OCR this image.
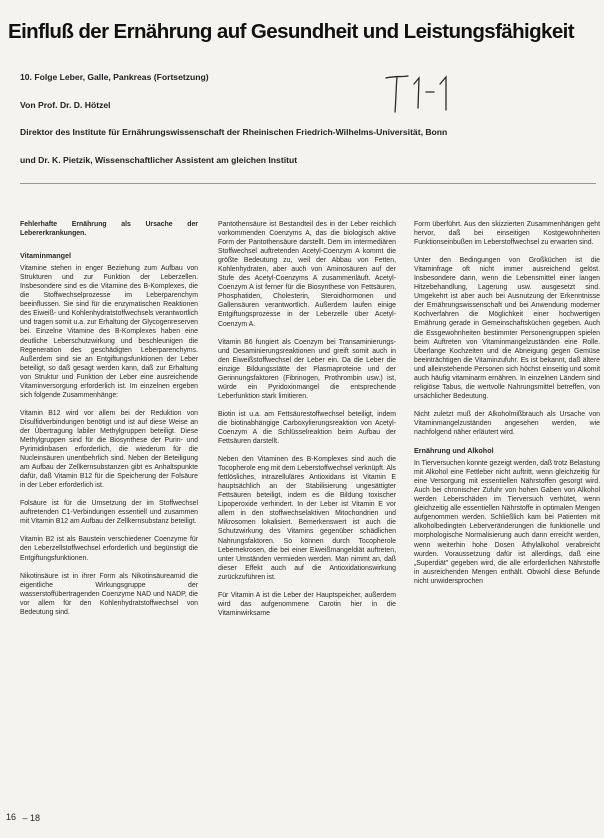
Einfluß der Ernährung auf Gesundheit und Leistungsfähigkeit
10. Folge Leber, Galle, Pankreas (Fortsetzung)
Von Prof. Dr. D. Hötzel
Direktor des Institute für Ernährungswissenschaft der Rheinischen Friedrich-Wilhelms-Universität, Bonn
und Dr. K. Pietzik, Wissenschaftlicher Assistent am gleichen Institut

Fehlerhafte Ernährung als Ursache der Lebererkrankungen.

Vitaminmangel

Vitamine stehen in enger Beziehung zum Aufbau von Strukturen und zur Funktion der Leberzellen. Insbesondere sind es die Vitamine des B-Komplexes, die die Stoffwechselprozesse im Leberparenchym beeinflussen. Sie sind für die enzymatischen Reaktionen des Eiweiß- und Kohlenhydratstoffwechsels verantwortlich und tragen somit u.a. zur Erhaltung der Glycogenreserven bei. Einzelne Vitamine des B-Komplexes haben eine deutliche Leberschutzwirkung und beschleunigen die Regeneration des geschädigten Leberparenchyms. Außerdem sind sie an Entgiftungsfunktionen der Leber beteiligt, so daß gesagt werden kann, daß zur Erhaltung von Struktur und Funktion der Leber eine ausreichende Vitaminversorgung erforderlich ist. Im einzelnen ergeben sich folgende Zusammenhänge:

Vitamin B12 wird vor allem bei der Reduktion von Disulfidverbindungen benötigt und ist auf diese Weise an der Übertragung labiler Methylgruppen beteiligt. Diese Methylgruppen sind für die Biosynthese der Purin- und Pyrimidinbasen erforderlich, die wiederum für die Nucleinsäuren unentbehrlich sind. Neben der Beteiligung am Aufbau der Zellkernsubstanzen gibt es Anhaltspunkte dafür, daß Vitamin B12 für die Speicherung der Folsäure in der Leber erforderlich ist.

Folsäure ist für die Umsetzung der im Stoffwechsel auftretenden C1-Verbindungen essentiell und zusammen mit Vitamin B12 am Aufbau der Zellkernsubstanz beteiligt.

Vitamin B2 ist als Baustein verschiedener Coenzyme für den Leberzellstoffwechsel erforderlich und begünstigt die Entgiftungsfunktionen.

Nikotinsäure ist in ihrer Form als Nikotinsäureamid die eigentliche Wirkungsgruppe der wasserstoffübertragenden Coenzyme NAD und NADP, die vor allem für den Kohlenhydratstoffwechsel von Bedeutung sind.

Pantothensäure ist Bestandteil des in der Leber reichlich vorkommenden Coenzyms A, das die biologisch aktive Form der Pantothensäure darstellt. Dem im intermediären Stoffwechsel auftretenden Acetyl-Coenzym A kommt die größte Bedeutung zu, weil der Abbau von Fetten, Kohlenhydraten, aber auch von Aminosäuren auf der Stufe des Acetyl-Coenzyms A zusammenläuft. Acetyl-Coenzym A ist ferner für die Biosynthese von Fettsäuren, Phosphatiden, Cholesterin, Steroidhormonen und Gallensäuren verantwortlich. Außerdem laufen einige Entgiftungsprozesse in der Leberzelle über Acetyl-Coenzym A.

Vitamin B6 fungiert als Coenzym bei Transaminierungs- und Desaminierungsreaktionen und greift somit auch in den Eiweißstoffwechsel der Leber ein. Da die Leber die einzige Bildungsstätte der Plasmaproteine und der Gerinnungsfaktoren (Fibrinogen, Prothrombin usw.) ist, würde ein Pyridoxinmangel die entsprechende Leberfunktion stark limitieren.

Biotin ist u.a. am Fettsäurestoffwechsel beteiligt, indem die biotinabhängige Carboxylierungsreaktion von Acetyl-Coenzym A die Schlüsselreaktion beim Aufbau der Fettsäuren darstellt.

Neben den Vitaminen des B-Komplexes sind auch die Tocopherole eng mit dem Leberstoffwechsel verknüpft. Als fettlösliches, intrazelluläres Antioxidans ist Vitamin E hauptsächlich an der Stabilisierung ungesättigter Fettsäuren beteiligt, indem es die Bildung toxischer Lipoperoxide verhindert. In der Leber ist Vitamin E vor allem in den stoffwechselaktiven Mitochondrien und Mikrosomen lokalisiert. Bemerkenswert ist auch die Schutzwirkung des Vitamins gegenüber schädlichen Nahrungsfaktoren. So können durch Tocopherole Lebernekrosen, die bei einer Eiweißmangeldiät auftreten, unter Umständen vermieden werden. Man nimmt an, daß dieser Effekt auch auf die Antioxidationswirkung zurückzuführen ist.

Für Vitamin A ist die Leber der Hauptspeicher, außerdem wird das aufgenommene Carotin hier in die Vitaminwirksame

Form überführt. Aus den skizzierten Zusammenhängen geht hervor, daß bei einseitigen Kostgewohnheiten Funktionseinbußen im Leberstoffwechsel zu erwarten sind.

Unter den Bedingungen von Großküchen ist die Vitaminfrage oft nicht immer ausreichend gelöst. Insbesondere dann, wenn die Lebensmittel einer langen Hitzebehandlung, Lagerung usw. ausgesetzt sind. Umgekehrt ist aber auch bei Ausnutzung der Erkenntnisse der Ernährungswissenschaft und bei Anwendung moderner Kochverfahren die Möglichkeit einer hochwertigen Ernährung gerade in Gemeinschaftsküchen gegeben. Auch die Essgewohnheiten bestimmter Personengruppen spielen beim Auftreten von Vitaminmangelzuständen eine Rolle. Überlange Kochzeiten und die Abneigung gegen Gemüse beeinträchtigen die Vitaminzufuhr. Es ist bekannt, daß ältere und alleinstehende Personen sich höchst einseitig und somit auch häufig vitaminarm ernähren. In einzelnen Ländern sind religiöse Tabus, die wertvolle Nahrungsmittel betreffen, von ursächlicher Bedeutung.

Nicht zuletzt muß der Alkoholmißbrauch als Ursache von Vitaminmangelzuständen angesehen werden, wie nachfolgend näher erläutert wird.

Ernährung und Alkohol

In Tierversuchen konnte gezeigt werden, daß trotz Belastung mit Alkohol eine Fettleber nicht auftritt, wenn gleichzeitig für eine Versorgung mit essentiellen Nährstoffen gesorgt wird. Auch bei chronischer Zufuhr von hohen Gaben von Alkohol werden Leberschäden im Tierversuch verhütet, wenn gleichzeitig alle essentiellen Nährstoffe in optimalen Mengen aufgenommen werden. Schließlich kam bei Patienten mit alkoholbedingten Leberveränderungen die funktionelle und morphologische Normalisierung auch dann erreicht werden, wenn weiterhin hohe Dosen Äthylalkohol verabreicht wurden. Voraussetzung dafür ist allerdings, daß eine „Superdiät" gegeben wird, die alle erforderlichen Nährstoffe in ausreichenden Mengen enthält. Obwohl diese Befunde nicht unwidersprochen

16 – 18
